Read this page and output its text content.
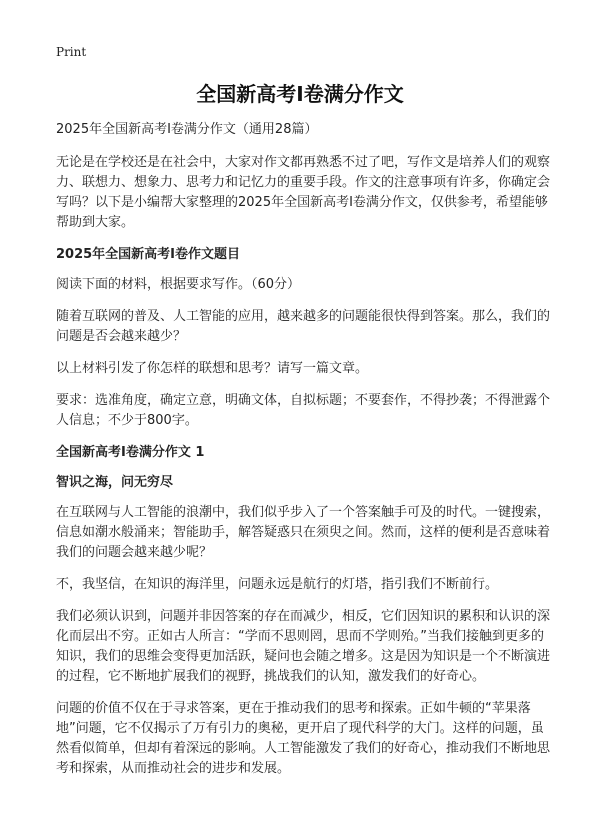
Print
全国新高考Ⅰ卷满分作文

2025年全国新高考Ⅰ卷满分作文（通用28篇）

无论是在学校还是在社会中，大家对作文都再熟悉不过了吧，写作文是培养人们的观察力、联想力、想象力、思考力和记忆力的重要手段。作文的注意事项有许多，你确定会写吗？以下是小编帮大家整理的2025年全国新高考Ⅰ卷满分作文，仅供参考，希望能够帮助到大家。

2025年全国新高考Ⅰ卷作文题目

阅读下面的材料，根据要求写作。（60分）

随着互联网的普及、人工智能的应用，越来越多的问题能很快得到答案。那么，我们的问题是否会越来越少？

以上材料引发了你怎样的联想和思考？请写一篇文章。

要求：选准角度，确定立意，明确文体，自拟标题；不要套作，不得抄袭；不得泄露个人信息；不少于800字。

全国新高考Ⅰ卷满分作文 1

智识之海，问无穷尽

在互联网与人工智能的浪潮中，我们似乎步入了一个答案触手可及的时代。一键搜索，信息如潮水般涌来；智能助手，解答疑惑只在须臾之间。然而，这样的便利是否意味着我们的问题会越来越少呢？

不，我坚信，在知识的海洋里，问题永远是航行的灯塔，指引我们不断前行。

我们必须认识到，问题并非因答案的存在而减少，相反，它们因知识的累积和认识的深化而层出不穷。正如古人所言：“学而不思则罔，思而不学则殆。”当我们接触到更多的知识，我们的思维会变得更加活跃，疑问也会随之增多。这是因为知识是一个不断演进的过程，它不断地扩展我们的视野，挑战我们的认知，激发我们的好奇心。

问题的价值不仅在于寻求答案，更在于推动我们的思考和探索。正如牛顿的“苹果落地”问题，它不仅揭示了万有引力的奥秘，更开启了现代科学的大门。这样的问题，虽然看似简单，但却有着深远的影响。人工智能激发了我们的好奇心，推动我们不断地思考和探索，从而推动社会的进步和发展。
